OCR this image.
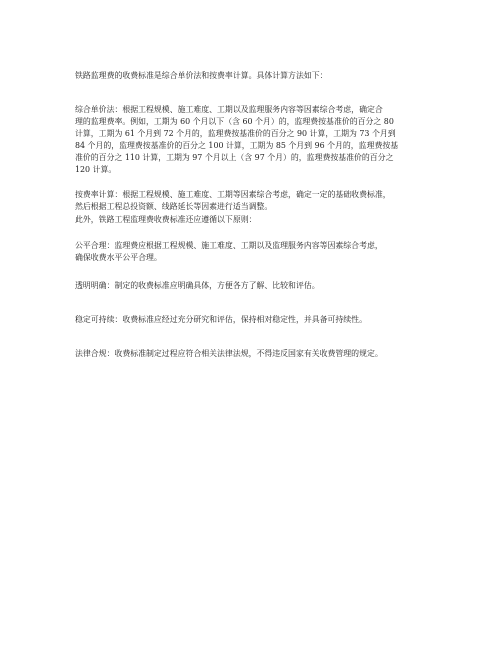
铁路监理费的收费标准是综合单价法和按费率计算。具体计算方法如下：

综合单价法：根据工程规模、施工难度、工期以及监理服务内容等因素综合考虑，确定合
理的监理费率。例如，工期为 60 个月以下（含 60 个月）的，监理费按基准价的百分之 80
计算，工期为 61 个月到 72 个月的，监理费按基准价的百分之 90 计算，工期为 73 个月到
84 个月的，监理费按基准价的百分之 100 计算，工期为 85 个月到 96 个月的，监理费按基
准价的百分之 110 计算，工期为 97 个月以上（含 97 个月）的，监理费按基准价的百分之
120 计算。

按费率计算：根据工程规模、施工难度、工期等因素综合考虑，确定一定的基础收费标准，
然后根据工程总投资额、线路延长等因素进行适当调整。

此外，铁路工程监理费收费标准还应遵循以下原则：

公平合理：监理费应根据工程规模、施工难度、工期以及监理服务内容等因素综合考虑，
确保收费水平公平合理。

透明明确：制定的收费标准应明确具体，方便各方了解、比较和评估。

稳定可持续：收费标准应经过充分研究和评估，保持相对稳定性，并具备可持续性。

法律合规：收费标准制定过程应符合相关法律法规，不得违反国家有关收费管理的规定。
